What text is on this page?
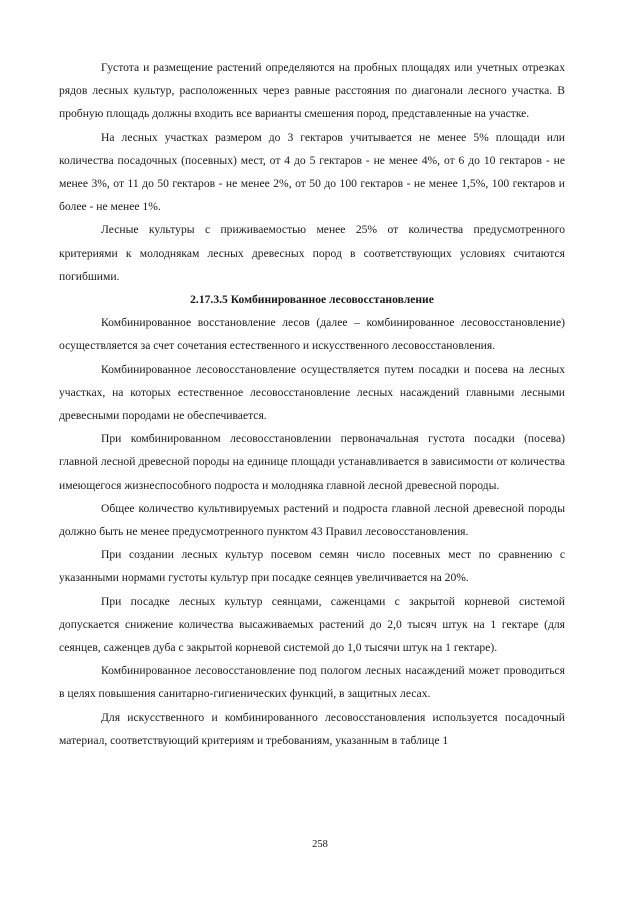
Густота и размещение растений определяются на пробных площадях или учетных отрезках рядов лесных культур, расположенных через равные расстояния по диагонали лесного участка. В пробную площадь должны входить все варианты смешения пород, представленные на участке.

На лесных участках размером до 3 гектаров учитывается не менее 5% площади или количества посадочных (посевных) мест, от 4 до 5 гектаров - не менее 4%, от 6 до 10 гектаров - не менее 3%, от 11 до 50 гектаров - не менее 2%, от 50 до 100 гектаров - не менее 1,5%, 100 гектаров и более - не менее 1%.

Лесные культуры с приживаемостью менее 25% от количества предусмотренного критериями к молоднякам лесных древесных пород в соответствующих условиях считаются погибшими.

2.17.3.5 Комбинированное лесовосстановление

Комбинированное восстановление лесов (далее – комбинированное лесовосстановление) осуществляется за счет сочетания естественного и искусственного лесовосстановления.

Комбинированное лесовосстановление осуществляется путем посадки и посева на лесных участках, на которых естественное лесовосстановление лесных насаждений главными лесными древесными породами не обеспечивается.

При комбинированном лесовосстановлении первоначальная густота посадки (посева) главной лесной древесной породы на единице площади устанавливается в зависимости от количества имеющегося жизнеспособного подроста и молодняка главной лесной древесной породы.

Общее количество культивируемых растений и подроста главной лесной древесной породы должно быть не менее предусмотренного пунктом 43 Правил лесовосстановления.

При создании лесных культур посевом семян число посевных мест по сравнению с указанными нормами густоты культур при посадке сеянцев увеличивается на 20%.

При посадке лесных культур сеянцами, саженцами с закрытой корневой системой допускается снижение количества высаживаемых растений до 2,0 тысяч штук на 1 гектаре (для сеянцев, саженцев дуба с закрытой корневой системой до 1,0 тысячи штук на 1 гектаре).

Комбинированное лесовосстановление под пологом лесных насаждений может проводиться в целях повышения санитарно-гигиенических функций, в защитных лесах.

Для искусственного и комбинированного лесовосстановления используется посадочный материал, соответствующий критериям и требованиям, указанным в таблице 1

258
